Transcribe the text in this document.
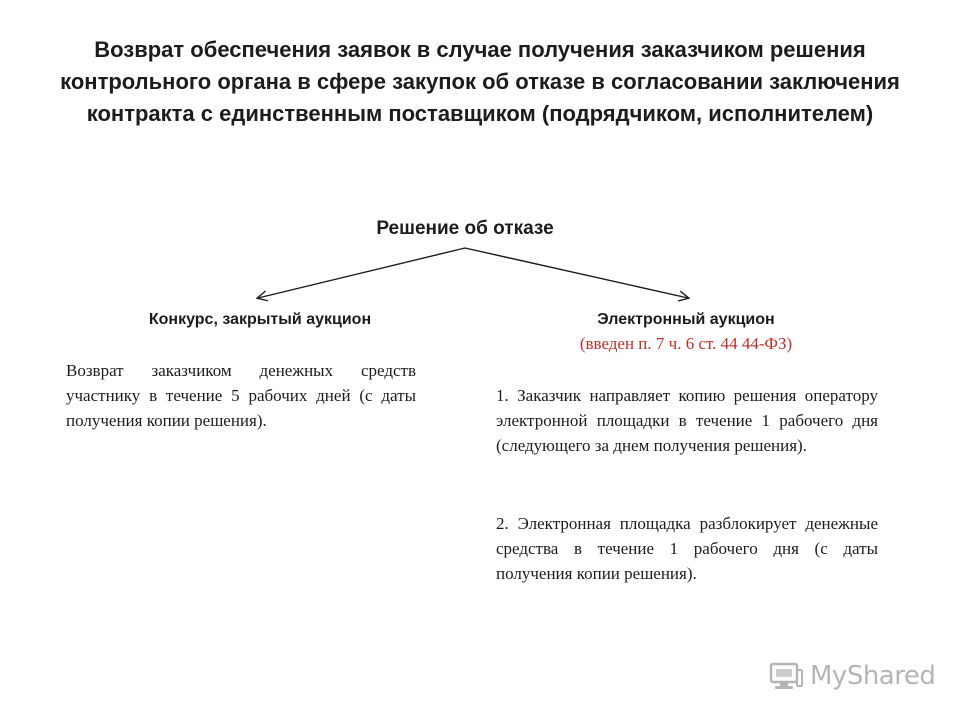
Возврат обеспечения заявок в случае получения заказчиком решения контрольного органа в сфере закупок об отказе в согласовании заключения контракта с единственным поставщиком (подрядчиком, исполнителем)
Решение об отказе
Конкурс, закрытый аукцион

Возврат заказчиком денежных средств участнику в течение 5 рабочих дней (с даты получения копии решения).

Электронный аукцион
(введен п. 7 ч. 6 ст. 44 44-ФЗ)

1. Заказчик направляет копию решения оператору электронной площадки в течение 1 рабочего дня (следующего за днем получения решения).

2. Электронная площадка разблокирует денежные средства в течение 1 рабочего дня (с даты получения копии решения).

MyShared
